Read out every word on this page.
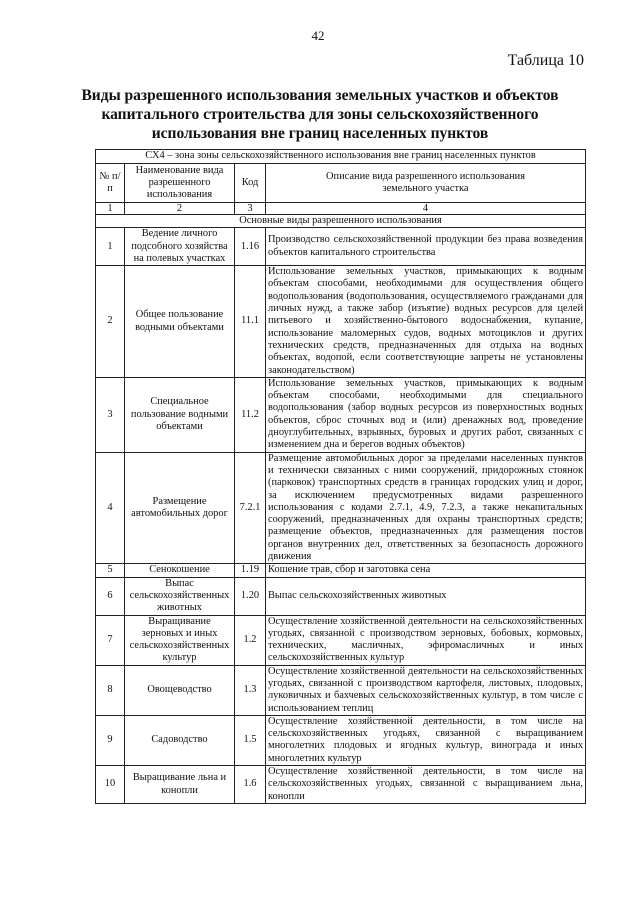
42
Таблица 10
Виды разрешенного использования земельных участков и объектов
капитального строительства для зоны сельскохозяйственного
использования вне границ населенных пунктов
СХ4 – зона зоны сельскохозяйственного использования вне границ населенных пунктов			
№ п/п	Наименование вида разрешенного использования	Код	Описание вида разрешенного использования земельного участка
1	2	3	4
Основные виды разрешенного использования			
1	Ведение личного подсобного хозяйства на полевых участках	1.16	Производство сельскохозяйственной продукции без права возведения объектов капитального строительства
2	Общее пользование водными объектами	11.1	Использование земельных участков, примыкающих к водным объектам способами, необходимыми для осуществления общего водопользования (водопользования, осуществляемого гражданами для личных нужд, а также забор (изъятие) водных ресурсов для целей питьевого и хозяйственно-бытового водоснабжения, купание, использование маломерных судов, водных мотоциклов и других технических средств, предназначенных для отдыха на водных объектах, водопой, если соответствующие запреты не установлены законодательством)
3	Специальное пользование водными объектами	11.2	Использование земельных участков, примыкающих к водным объектам способами, необходимыми для специального водопользования (забор водных ресурсов из поверхностных водных объектов, сброс сточных вод и (или) дренажных вод, проведение дноуглубительных, взрывных, буровых и других работ, связанных с изменением дна и берегов водных объектов)
4	Размещение автомобильных дорог	7.2.1	Размещение автомобильных дорог за пределами населенных пунктов и технически связанных с ними сооружений, придорожных стоянок (парковок) транспортных средств в границах городских улиц и дорог, за исключением предусмотренных видами разрешенного использования с кодами 2.7.1, 4.9, 7.2.3, а также некапитальных сооружений, предназначенных для охраны транспортных средств; размещение объектов, предназначенных для размещения постов органов внутренних дел, ответственных за безопасность дорожного движения
5	Сенокошение	1.19	Кошение трав, сбор и заготовка сена
6	Выпас сельскохозяйственных животных	1.20	Выпас сельскохозяйственных животных
7	Выращивание зерновых и иных сельскохозяйственных культур	1.2	Осуществление хозяйственной деятельности на сельскохозяйственных угодьях, связанной с производством зерновых, бобовых, кормовых, технических, масличных, эфиромасличных и иных сельскохозяйственных культур
8	Овощеводство	1.3	Осуществление хозяйственной деятельности на сельскохозяйственных угодьях, связанной с производством картофеля, листовых, плодовых, луковичных и бахчевых сельскохозяйственных культур, в том числе с использованием теплиц
9	Садоводство	1.5	Осуществление хозяйственной деятельности, в том числе на сельскохозяйственных угодьях, связанной с выращиванием многолетних плодовых и ягодных культур, винограда и иных многолетних культур
10	Выращивание льна и конопли	1.6	Осуществление хозяйственной деятельности, в том числе на сельскохозяйственных угодьях, связанной с выращиванием льна, конопли
